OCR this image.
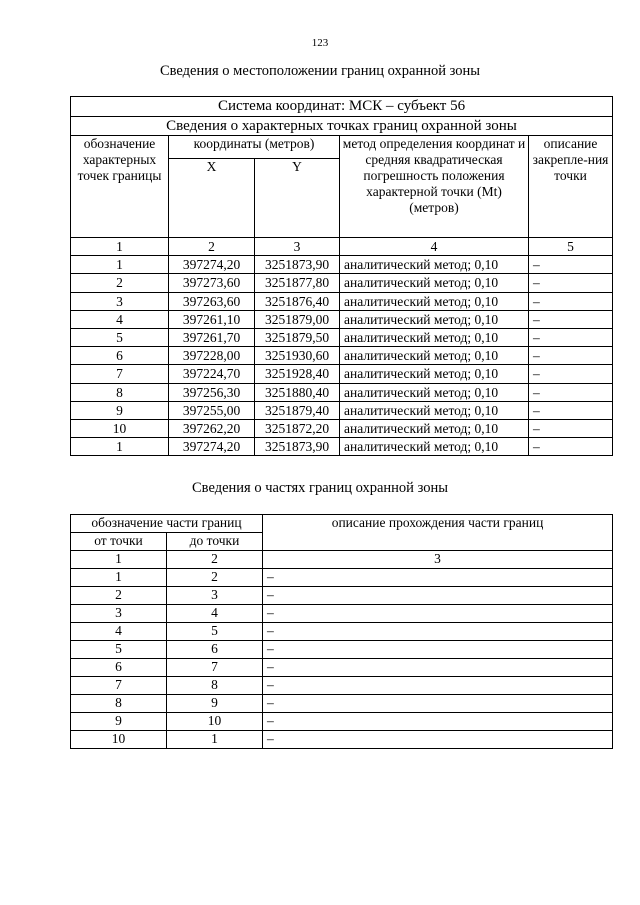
123
Сведения о местоположении границ охранной зоны
Система координат: МСК – субъект 56				
Сведения о характерных точках границ охранной зоны				
обозначение характерных точек границы	координаты (метров)		метод определения координат и средняя квадратическая погрешность положения характерной точки (Mt) (метров)	описание закрепле-ния точки
	X	Y		
1	2	3	4	5
1	397274,20	3251873,90	аналитический метод; 0,10	–
2	397273,60	3251877,80	аналитический метод; 0,10	–
3	397263,60	3251876,40	аналитический метод; 0,10	–
4	397261,10	3251879,00	аналитический метод; 0,10	–
5	397261,70	3251879,50	аналитический метод; 0,10	–
6	397228,00	3251930,60	аналитический метод; 0,10	–
7	397224,70	3251928,40	аналитический метод; 0,10	–
8	397256,30	3251880,40	аналитический метод; 0,10	–
9	397255,00	3251879,40	аналитический метод; 0,10	–
10	397262,20	3251872,20	аналитический метод; 0,10	–
1	397274,20	3251873,90	аналитический метод; 0,10	–
Сведения о частях границ охранной зоны
обозначение части границ		описание прохождения части границ
от точки	до точки	
1	2	3
1	2	–
2	3	–
3	4	–
4	5	–
5	6	–
6	7	–
7	8	–
8	9	–
9	10	–
10	1	–
